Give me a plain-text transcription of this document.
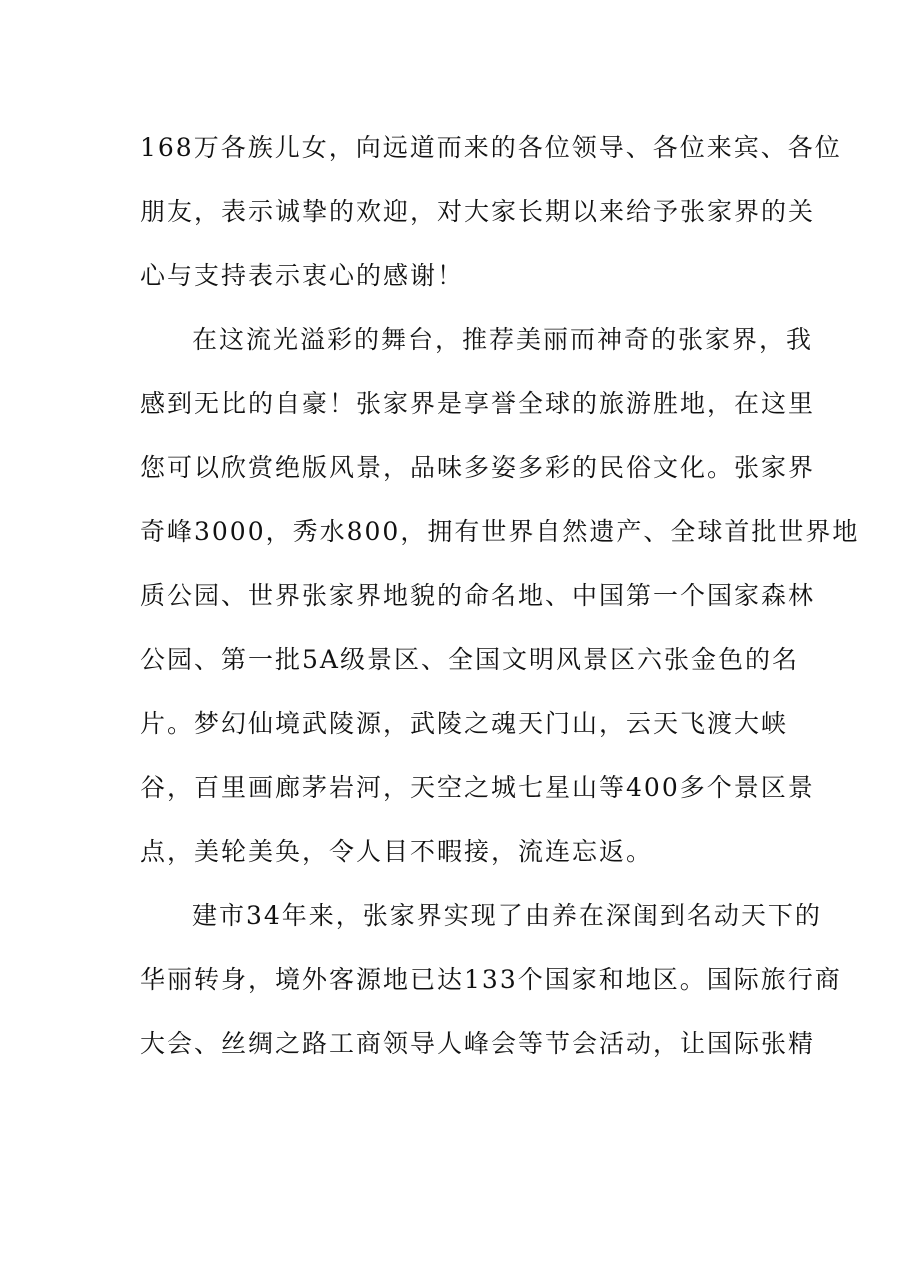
168万各族儿女，向远道而来的各位领导、各位来宾、各位
朋友，表示诚挚的欢迎，对大家长期以来给予张家界的关
心与支持表示衷心的感谢！
在这流光溢彩的舞台，推荐美丽而神奇的张家界，我
感到无比的自豪！张家界是享誉全球的旅游胜地，在这里
您可以欣赏绝版风景，品味多姿多彩的民俗文化。张家界
奇峰3000，秀水800，拥有世界自然遗产、全球首批世界地
质公园、世界张家界地貌的命名地、中国第一个国家森林
公园、第一批5A级景区、全国文明风景区六张金色的名
片。梦幻仙境武陵源，武陵之魂天门山，云天飞渡大峡
谷，百里画廊茅岩河，天空之城七星山等400多个景区景
点，美轮美奂，令人目不暇接，流连忘返。
建市34年来，张家界实现了由养在深闺到名动天下的
华丽转身，境外客源地已达133个国家和地区。国际旅行商
大会、丝绸之路工商领导人峰会等节会活动，让国际张精
